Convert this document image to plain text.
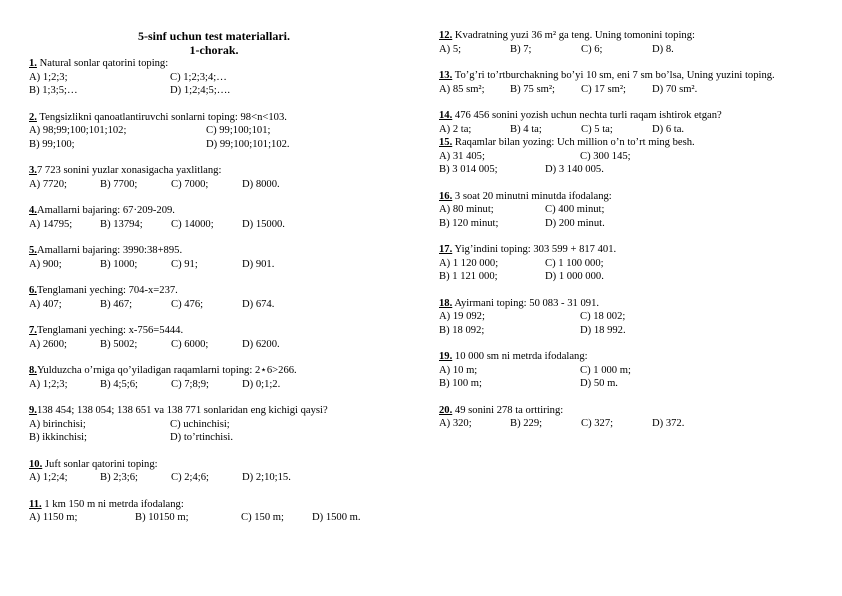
5-sinf uchun test materiallari.
1-chorak.
1. Natural sonlar qatorini toping:
A) 1;2;3;	C) 1;2;3;4;…
B) 1;3;5;…	D) 1;2;4;5;….
2. Tengsizlikni qanoatlantiruvchi sonlarni toping: 98<n<103.
A) 98;99;100;101;102;	C) 99;100;101;
B) 99;100;	D) 99;100;101;102.
3.7 723 sonini yuzlar xonasigacha yaxlitlang:
A) 7720;	B) 7700;	C) 7000;	D) 8000.
4.Amallarni bajaring: 67·209-209.
A) 14795;	B) 13794;	C) 14000;	D) 15000.
5.Amallarni bajaring: 3990:38+895.
A) 900;	B) 1000;	C) 91;	D) 901.
6.Tenglamani yeching: 704-x=237.
A) 407;	B) 467;	C) 476;	D) 674.
7.Tenglamani yeching: x-756=5444.
A) 2600;	B) 5002;	C) 6000;	D) 6200.
8.Yulduzcha o’rniga qo’yiladigan raqamlarni toping: 2⋆6>266.
A) 1;2;3;	B) 4;5;6;	C) 7;8;9;	D) 0;1;2.
9.138 454; 138 054; 138 651 va 138 771 sonlaridan eng kichigi qaysi?
A) birinchisi;	C) uchinchisi;
B) ikkinchisi;	D) to’rtinchisi.
10. Juft sonlar qatorini toping:
A) 1;2;4;	B) 2;3;6;	C) 2;4;6;	D) 2;10;15.
11. 1 km 150 m ni metrda ifodalang:
A) 1150 m;	B) 10150 m;	C) 150 m;	D) 1500 m.
12. Kvadratning yuzi 36 m² ga teng. Uning tomonini toping:
A) 5;	B) 7;	C) 6;	D) 8.
13. To’g’ri to’rtburchakning bo’yi 10 sm, eni 7 sm bo’lsa, Uning yuzini toping.
A) 85 sm²;	B) 75 sm²;	C) 17 sm²;	D) 70 sm².
14. 476 456 sonini yozish uchun nechta turli raqam ishtirok etgan?
A) 2 ta;	B) 4 ta;	C) 5 ta;	D) 6 ta.
15. Raqamlar bilan yozing: Uch million o’n to’rt ming besh.
A) 31 405;	C) 300 145;
B) 3 014 005;	D) 3 140 005.
16. 3 soat 20 minutni minutda ifodalang:
A) 80 minut;	C) 400 minut;
B) 120 minut;	D) 200 minut.
17. Yig’indini toping: 303 599 + 817 401.
A) 1 120 000;	C) 1 100 000;
B) 1 121 000;	D) 1 000 000.
18. Ayirmani toping: 50 083 - 31 091.
A) 19 092;	C) 18 002;
B) 18 092;	D) 18 992.
19. 10 000 sm ni metrda ifodalang:
A) 10 m;	C) 1 000 m;
B) 100 m;	D) 50 m.
20. 49 sonini 278 ta orttiring:
A) 320;	B) 229;	C) 327;	D) 372.
